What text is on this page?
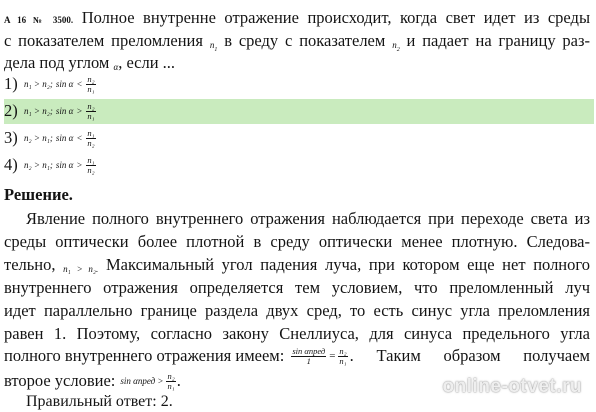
А 16 № 3500. Полное внутренне отражение происходит, когда свет идет из среды
с показателем преломления $n_1$ в среду с показателем $n_2$ и падает на границу раз-
дела под углом α, если ...
1) n₁ > n₂; $\sin \alpha < \frac{\text{n₂}}{\text{n₁}}$
2) n₁ > n₂; $\sin \alpha > \frac{\text{n₂}}{\text{n₁}}$
3) n₂ > n₁; $\sin \alpha < \frac{\text{n₁}}{\text{n₂}}$
4) n₂ > n₁; $\sin \alpha > \frac{\text{n₁}}{\text{n₂}}$
Решение.
Явление полного внутреннего отражения наблюдается при переходе света из
среды оптически более плотной в среду оптически менее плотную. Следова-
тельно, n₁ > n₂. Максимальный угол падения луча, при котором еще нет полного
внутреннего отражения определяется тем условием, что преломленный луч
идет параллельно границе раздела двух сред, то есть синус угла преломления
равен 1. Поэтому, согласно закону Снеллиуса, для синуса предельного угла
полного внутреннего отражения имеем: $\frac{\text{sin αпред}}{1} = \frac{\text{n₂}}{\text{n₁}}$ . Таким образом получаем
второе условие: sin αпред > $\frac{\text{n₂}}{\text{n₁}}$ .
Правильный ответ: 2.
online-otvet.ru
